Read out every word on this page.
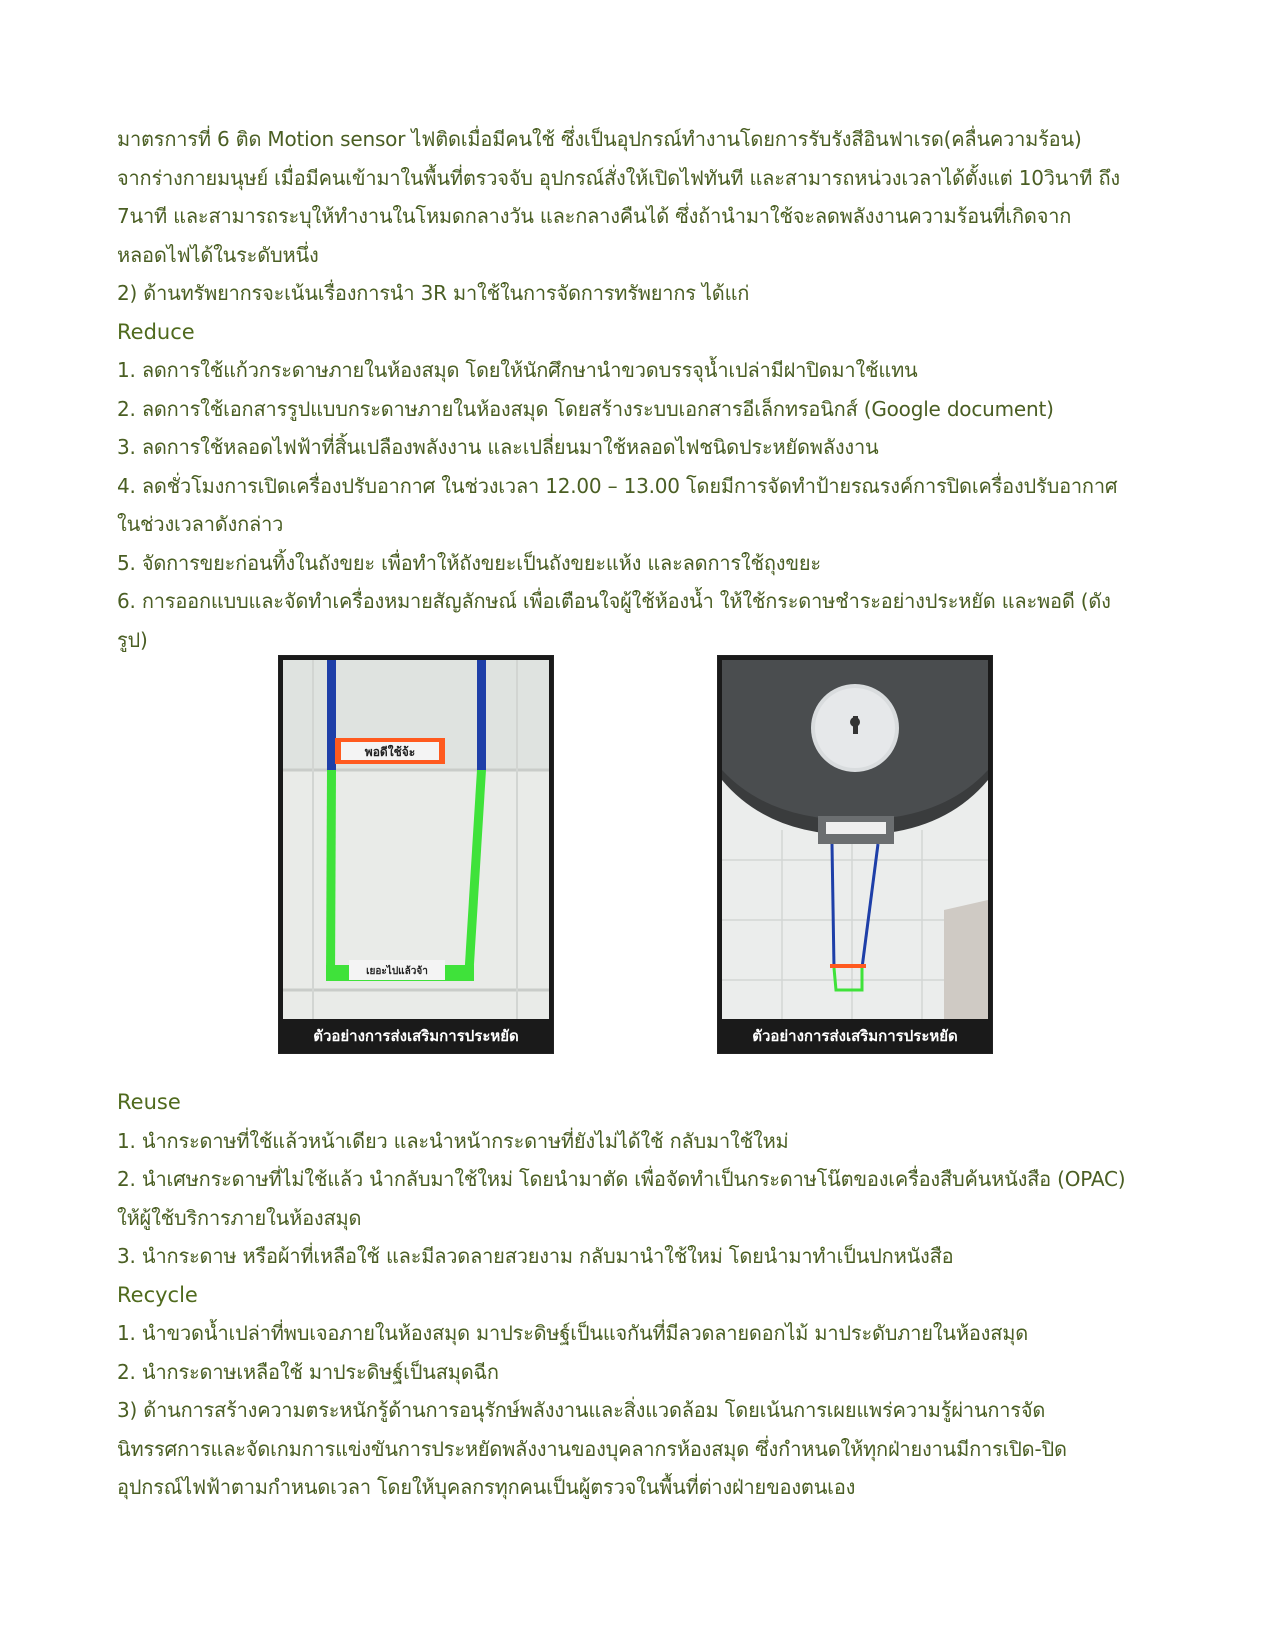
มาตรการที่ 6 ติด Motion sensor ไฟติดเมื่อมีคนใช้ ซึ่งเป็นอุปกรณ์ทำงานโดยการรับรังสีอินฟาเรด(คลื่นความร้อน)
จากร่างกายมนุษย์ เมื่อมีคนเข้ามาในพื้นที่ตรวจจับ อุปกรณ์สั่งให้เปิดไฟทันที และสามารถหน่วงเวลาได้ตั้งแต่ 10วินาที ถึง
7นาที และสามารถระบุให้ทำงานในโหมดกลางวัน และกลางคืนได้ ซึ่งถ้านำมาใช้จะลดพลังงานความร้อนที่เกิดจาก
หลอดไฟได้ในระดับหนึ่ง
2) ด้านทรัพยากรจะเน้นเรื่องการนำ 3R มาใช้ในการจัดการทรัพยากร ได้แก่
Reduce
1. ลดการใช้แก้วกระดาษภายในห้องสมุด โดยให้นักศึกษานำขวดบรรจุน้ำเปล่ามีฝาปิดมาใช้แทน
2. ลดการใช้เอกสารรูปแบบกระดาษภายในห้องสมุด โดยสร้างระบบเอกสารอีเล็กทรอนิกส์ (Google document)
3. ลดการใช้หลอดไฟฟ้าที่สิ้นเปลืองพลังงาน และเปลี่ยนมาใช้หลอดไฟชนิดประหยัดพลังงาน
4. ลดชั่วโมงการเปิดเครื่องปรับอากาศ ในช่วงเวลา 12.00 – 13.00 โดยมีการจัดทำป้ายรณรงค์การปิดเครื่องปรับอากาศ
ในช่วงเวลาดังกล่าว
5. จัดการขยะก่อนทิ้งในถังขยะ เพื่อทำให้ถังขยะเป็นถังขยะแห้ง และลดการใช้ถุงขยะ
6. การออกแบบและจัดทำเครื่องหมายสัญลักษณ์ เพื่อเตือนใจผู้ใช้ห้องน้ำ ให้ใช้กระดาษชำระอย่างประหยัด และพอดี (ดัง
รูป)
พอดีใช้จ้ะ
เยอะไปแล้วจ้า
ตัวอย่างการส่งเสริมการประหยัด	ตัวอย่างการส่งเสริมการประหยัด
Reuse
1. นำกระดาษที่ใช้แล้วหน้าเดียว และนำหน้ากระดาษที่ยังไม่ได้ใช้ กลับมาใช้ใหม่
2. นำเศษกระดาษที่ไม่ใช้แล้ว นำกลับมาใช้ใหม่ โดยนำมาตัด เพื่อจัดทำเป็นกระดาษโน๊ตของเครื่องสืบค้นหนังสือ (OPAC)
ให้ผู้ใช้บริการภายในห้องสมุด
3. นำกระดาษ หรือผ้าที่เหลือใช้ และมีลวดลายสวยงาม กลับมานำใช้ใหม่ โดยนำมาทำเป็นปกหนังสือ
Recycle
1. นำขวดน้ำเปล่าที่พบเจอภายในห้องสมุด มาประดิษฐ์เป็นแจกันที่มีลวดลายดอกไม้ มาประดับภายในห้องสมุด
2. นำกระดาษเหลือใช้ มาประดิษฐ์เป็นสมุดฉีก
3) ด้านการสร้างความตระหนักรู้ด้านการอนุรักษ์พลังงานและสิ่งแวดล้อม โดยเน้นการเผยแพร่ความรู้ผ่านการจัด
นิทรรศการและจัดเกมการแข่งขันการประหยัดพลังงานของบุคลากรห้องสมุด ซึ่งกำหนดให้ทุกฝ่ายงานมีการเปิด-ปิด
อุปกรณ์ไฟฟ้าตามกำหนดเวลา โดยให้บุคลกรทุกคนเป็นผู้ตรวจในพื้นที่ต่างฝ่ายของตนเอง
